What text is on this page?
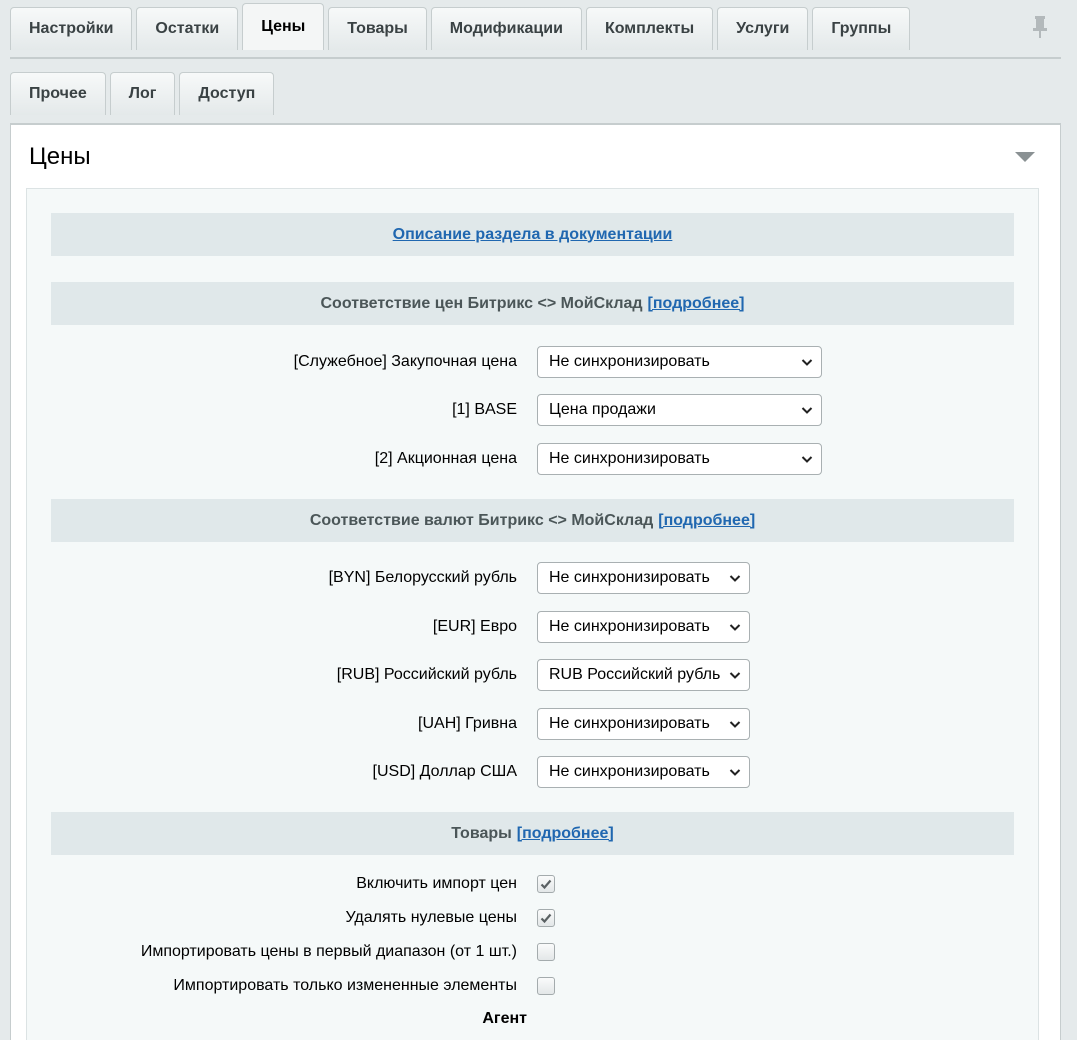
Настройки	Остатки	Цены	Товары	Модификации	Комплекты	Услуги	Группы
Прочее	Лог	Доступ
Цены
Описание раздела в документации
Соответствие цен Битрикс <> МойСклад [подробнее]
[Служебное] Закупочная цена	Не синхронизировать
[1] BASE	Цена продажи
[2] Акционная цена	Не синхронизировать
Соответствие валют Битрикс <> МойСклад [подробнее]
[BYN] Белорусский рубль	Не синхронизировать
[EUR] Евро	Не синхронизировать
[RUB] Российский рубль	RUB Российский рубль
[UAH] Гривна	Не синхронизировать
[USD] Доллар США	Не синхронизировать
Товары [подробнее]
Включить импорт цен
Удалять нулевые цены
Импортировать цены в первый диапазон (от 1 шт.)
Импортировать только измененные элементы
Агент
